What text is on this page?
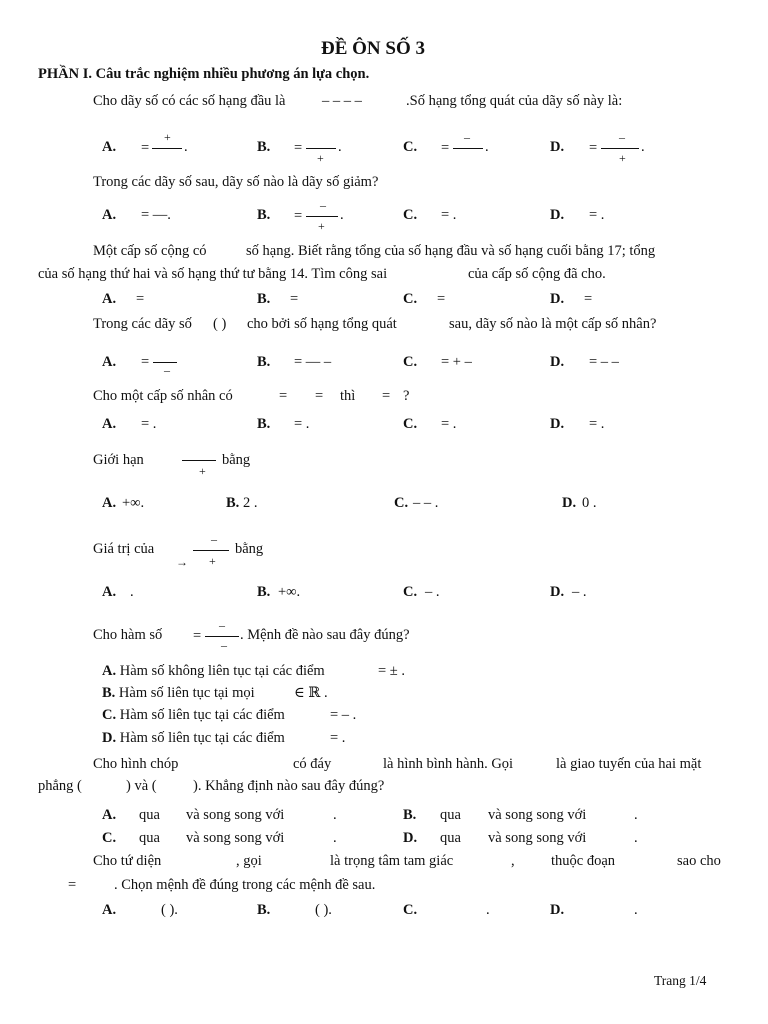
ĐỀ ÔN SỐ 3
PHẦN I. Câu trắc nghiệm nhiều phương án lựa chọn.
Cho dãy số có các số hạng đầu là	– – – –	.Số hạng tổng quát của dãy số này là:
A. =
+
.	B. =
+
.	C. =
–
.	D. =
–
+
.
Trong các dãy số sau, dãy số nào là dãy số giảm?
A. = —.	B. =
–
+
.	C. = .	D. = .
Một cấp số cộng có	số hạng. Biết rằng tổng của số hạng đầu và số hạng cuối bằng 17; tổng
của số hạng thứ hai và số hạng thứ tư bằng 14. Tìm công sai	của cấp số cộng đã cho.
A. =	B. =	C. =	D. =
Trong các dãy số ( ) cho bởi số hạng tổng quát	sau, dãy số nào là một cấp số nhân?
A. = –	B. = — –	C. = + –	D. = – –
Cho một cấp số nhân có	= = thì = ?
A. = .	B. = .	C. = .	D. = .
Giới hạn
+
bằng
A. +∞.	B. 2 .	C. – – .	D. 0 .
Giá trị của
→
–
+
bằng
A. .	B. +∞.	C. – .	D. – .
Cho hàm số =
–
–
. Mệnh đề nào sau đây đúng?
A. Hàm số không liên tục tại các điểm	= ± .
B. Hàm số liên tục tại mọi	∈ ℝ .
C. Hàm số liên tục tại các điểm	= – .
D. Hàm số liên tục tại các điểm	= .
Cho hình chóp	có đáy	là hình bình hành. Gọi	là giao tuyến của hai mặt
phẳng (	) và (	). Khẳng định nào sau đây đúng?
A. qua và song song với	.	B. qua và song song với	.
C. qua và song song với	.	D. qua và song song với	.
Cho tứ diện	, gọi	là trọng tâm tam giác	,	thuộc đoạn	sao cho
=	. Chọn mệnh đề đúng trong các mệnh đề sau.
A.	( ).	B.	( ).	C.	.	D.	.
Trang 1/4
